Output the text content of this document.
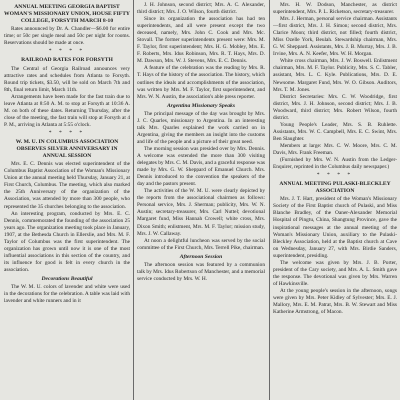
ANNUAL MEETING GEORGIA BAPTIST WOMAN'S MISSIONARY UNION, HOUSE FIFTY COLLEGE, FORSYTH MARCH 8-10

Rates announced by Dr. A. Chandler—$6.00 for entire time; or 50c per single meal and 50c per night for rooms. Reservations should be made at once.

* * * *
RAILROAD RATES FOR FORSYTH

The Central of Georgia Railroad announces very attractive rates and schedules from Atlanta to Forsyth. Round trip tickets, $3.50, will be sold on March 7th and 8th, final return limit, March 11th.

Arrangements have been made for the fast train due to leave Atlanta at 8:50 A. M. to stop at Forsyth at 10:36 A. M. on both of these dates. Returning Thursday, after the close of the meeting, the fast train will stop at Forsyth at 4 P. M., arriving in Atlanta at 5:55 o'clock.

* * * *
W. M. U. IN COLUMBUS ASSOCIATION OBSERVES SILVER ANNIVERSARY IN ANNUAL SESSION

Mrs. E. C. Dennis was elected superintendent of the Columbus Baptist Association of the Woman's Missionary Union at the annual meeting held Thursday, January 21, at First Church, Columbus. The meeting, which also marked the 25th Anniversary of the organization of the Association, was attended by more than 300 people, who represented the 35 churches belonging to the association.

An interesting program, conducted by Mrs. E. C. Dennis, commemorated the founding of the association 25 years ago. The organization meeting took place in January, 1907, at the Bethesda Church in Ellerslie, and Mrs. M. F. Taylor of Columbus was the first superintendent. The organization has grown until now it is one of the most influential associations in this section of the country, and its influence for good is felt in every church in the association.

Decorations Beautiful

The W. M. U. colors of lavender and white were used in the decorations for the celebration. A table was laid with lavender and white runners and in it

J. H. Johnson, second district; Mrs. A. C. Alexander, third district; Mrs. J. O. Wilson, fourth district.

Since its organization the association has had ten superintendents, and all were present except the two deceased, namely, Mrs. John C. Cook and Mrs. Mc. Stovall. The former superintendents present were: Mrs. M. F. Taylor, first superintendent; Mrs. H. G. Mobley, Mrs. E. F. Roberts, Mrs. Idus Robinson, Mrs. R. T. Hays, Mrs. D. M. Dawson, Mrs. W. J. Stevens, Mrs. E. C. Dennis.

A feature of the celebration was the reading by Mrs. R. T. Hays of the history of the association. The history, which outlines the ideals and accomplishments of the association, was written by Mrs. M. F. Taylor, first superintendent, and Mrs. W. N. Austin, the association's able press reporter.

Argentina Missionary Speaks

The principal message of the day was brought by Mrs. J. C. Quarles, missionary to Argentina. In an interesting talk Mrs. Quarles explained the work carried on in Argentina, giving the members an insight into the customs and life of the people and a picture of their great need.

The morning session was presided over by Mrs. Dennis. A welcome was extended the more than 300 visiting delegates by Mrs. C. M. Davis, and a graceful response was made by Mrs. G. W. Sheppard of Emanuel Church. Mrs. Dennis introduced to the convention the speakers of the day and the pastors present.

The activities of the W. M. U. were clearly depicted by the reports from the associational chairmen as follows: Personal service, Mrs. J. Sherman; publicity, Mrs. W. N. Austin; secretary-treasurer, Mrs. Carl Nuttel; devotional Margaret fund, Miss Hannah Crowell; white cross, Mrs. Dixon Smith; enlistment, Mrs. M. F. Taylor; mission study, Mrs. J. W. Callaway.

At noon a delightful luncheon was served by the social committee of the First Church, Mrs. Terrell Pike, chairman.

Afternoon Session

The afternoon session was featured by a communion talk by Mrs. Idus Robertson of Manchester, and a memorial service conducted by Mrs. W. H.

Mrs. H. W. Dodson, Manchester, as district superintendent, Mrs. P. L. Ricketson, secretary-treasurer.

Mrs. J. Herman, personal service chairman. Assistants—first district, Mrs. J. H. Simon; second district, Mrs. Clarice Moon; third district, not filled; fourth district, Miss Ozelle York, Beulah. Stewardship chairman, Mrs. G. W. Sheppard. Assistants, Mrs. J. B. Murray, Mrs. J. B. Irvine, Mrs. A. N. Keefer, Mrs. W. H. Morgan.

White cross chairman, Mrs. J. W. Boswell. Enlistment chairman, Mrs. M. F. Taylor. Publicity, Mrs. S. C. Tabler, assistant, Mrs. L. C. Kyle. Publications, Mrs. D. E. Newsome. Margaret Fund, Mrs. W. O. Gibson. Auditors, Mrs. T. M. Jones.

District Secretaries: Mrs. C. W. Woodridge, first district, Mrs. J. H. Johnson, second district; Mrs. J. B. Woodward, third district; Mrs. Robert Wilson, fourth district.

Young People's Leader, Mrs. S. B. Ruhlette. Assistants, Mrs. W. C. Campbell, Mrs. E. C. Swint, Mrs. Ben Slaughter.

Members at large: Mrs. C. W. Moore, Mrs. C. M. Davis, Mrs. Frank Freeman.

(Furnished by Mrs. W. N. Austin from the Ledger-Enquirer, reprinted in the Columbus daily newspaper.)

* * * *
ANNUAL MEETING PULASKI-BLECKLEY ASSOCIATION

Mrs. J. T. Hart, president of the Woman's Missionary Society of the First Baptist church of Pulaski, and Miss Blanche Bradley, of the Oaner-Alexander Memorial Hospital of Pingtu, China, Shangtung Province, gave the inspirational messages at the annual meeting of the Woman's Missionary Union, auxiliary to the Pulaski-Bleckley Association, held at the Baptist church at Cave on Wednesday, January 27, with Mrs. Birdie Sanders, superintendent, presiding.

The welcome was given by Mrs. J. B. Porter, president of the Cary society, and Mrs. A. L. Smith gave the response. The devotional was given by Mrs. Warren of Hawkinsville.

At the young people's session in the afternoon, songs were given by Mrs. Peter Kidley of Sylvester; Mrs. E. J. Mallory, Mrs. E. M. Patrat, Mrs. B. W. Stewart and Miss Katherine Armstrong, of Macon.
